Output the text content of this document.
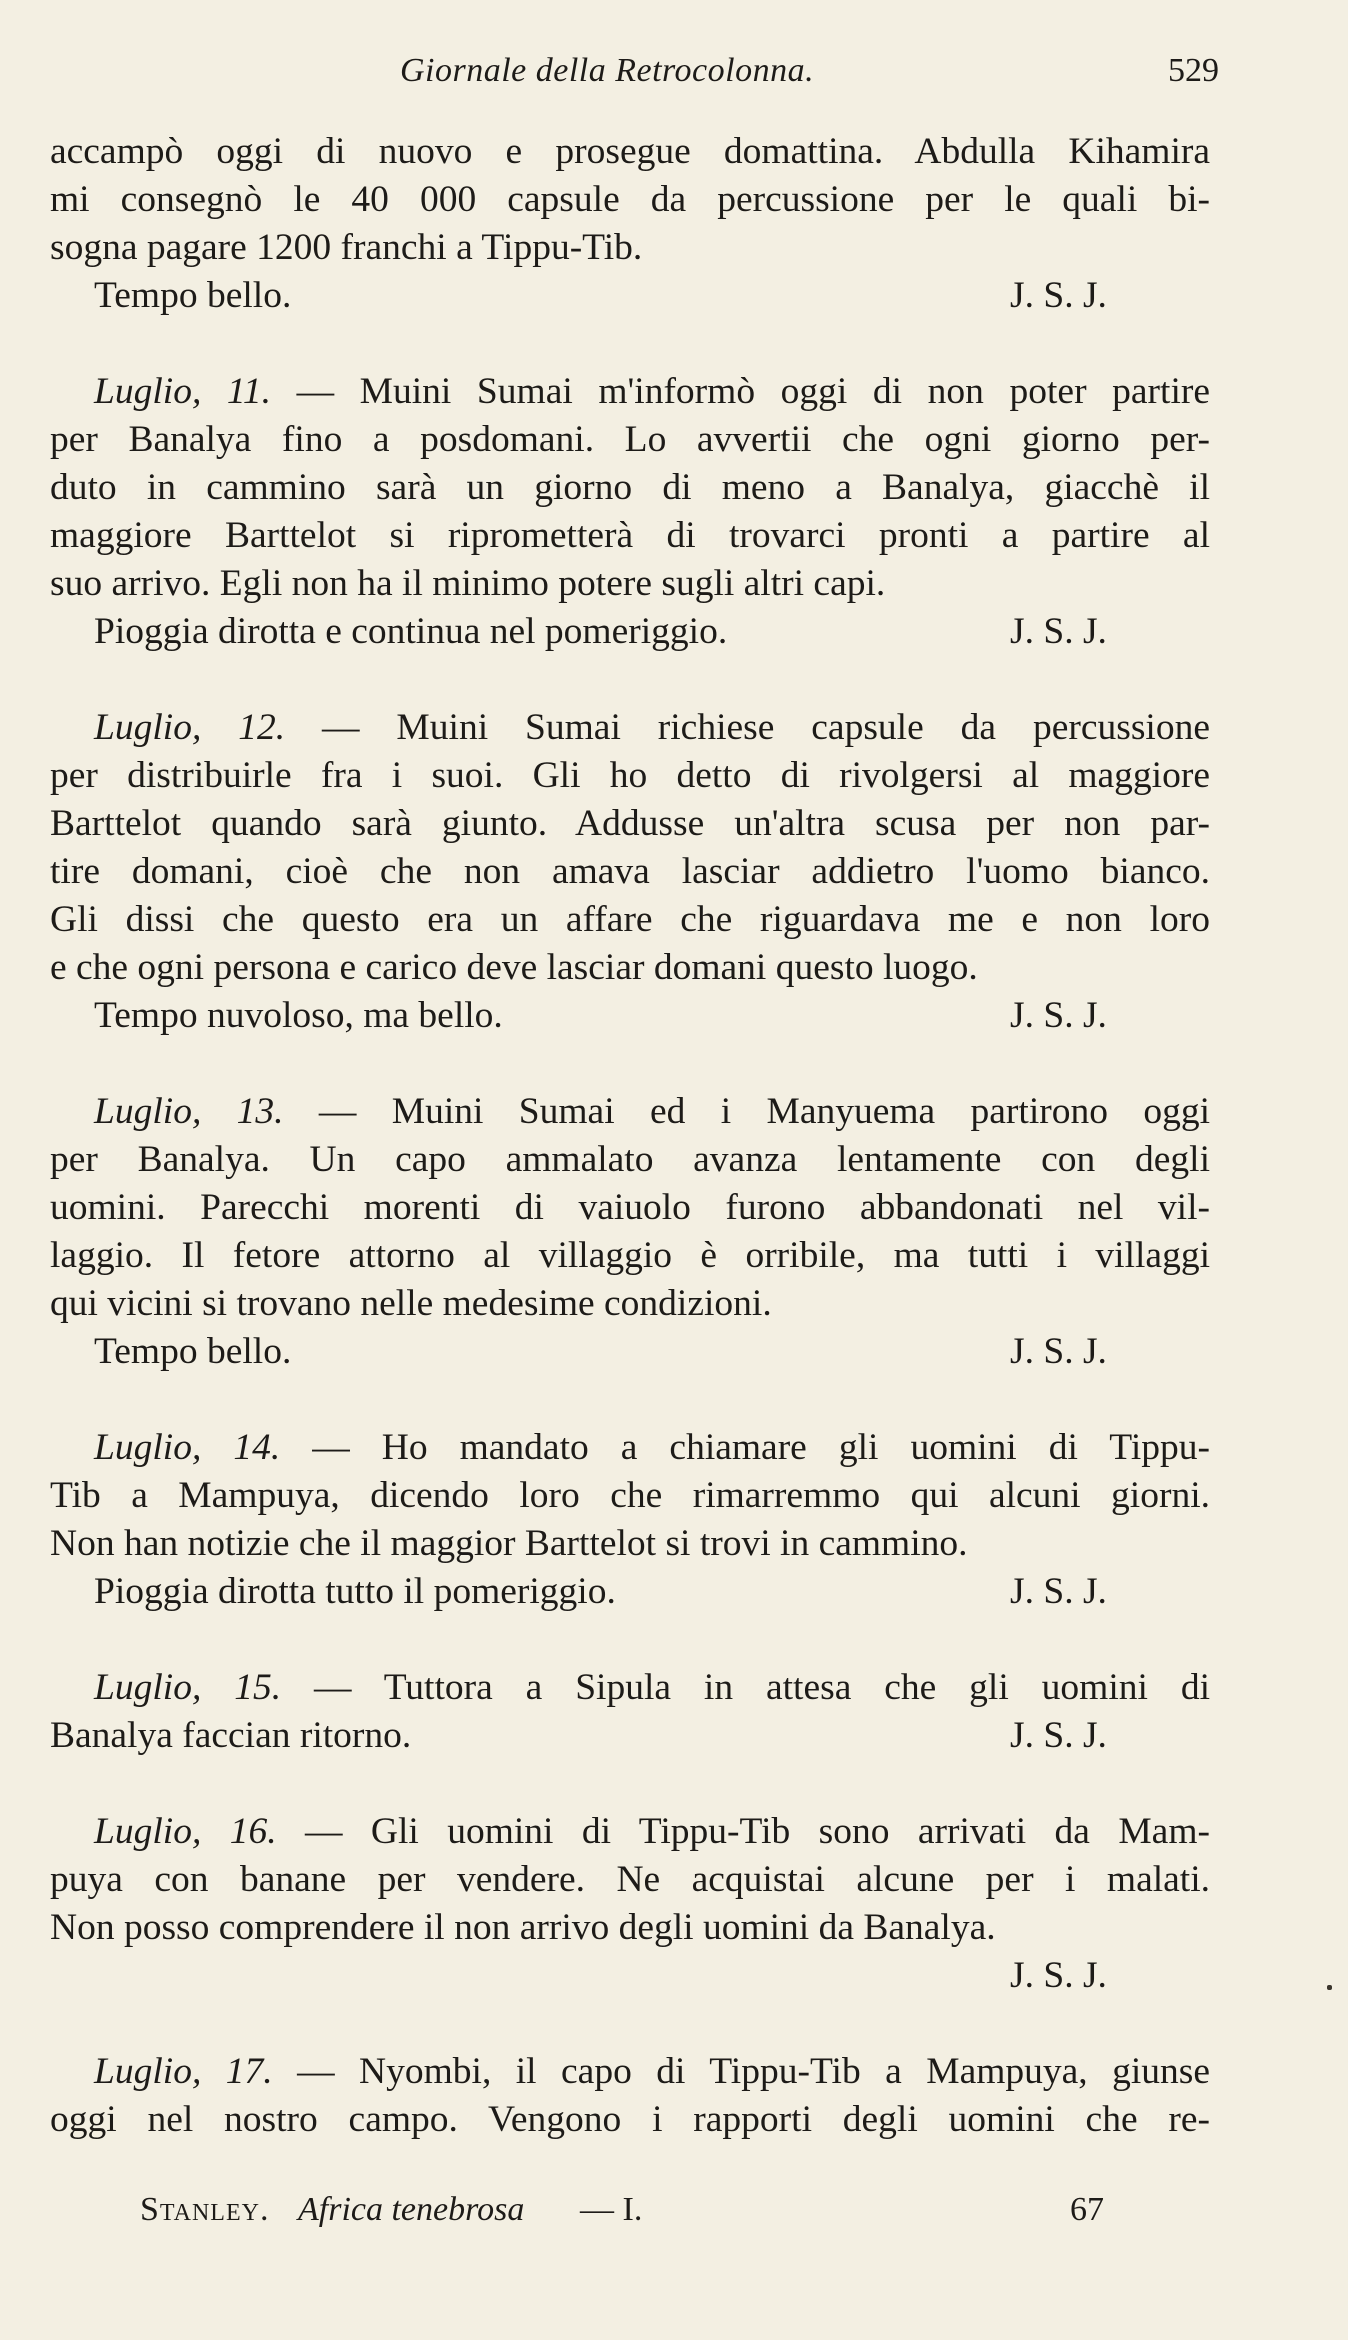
Giornale della Retrocolonna.	529
accampò oggi di nuovo e prosegue domattina. Abdulla Kihamira
mi consegnò le 40 000 capsule da percussione per le quali bi-
sogna pagare 1200 franchi a Tippu-Tib.
Tempo bello.	J. S. J.
Luglio, 11. — Muini Sumai m'informò oggi di non poter partire
per Banalya fino a posdomani. Lo avvertii che ogni giorno per-
duto in cammino sarà un giorno di meno a Banalya, giacchè il
maggiore Barttelot si riprometterà di trovarci pronti a partire al
suo arrivo. Egli non ha il minimo potere sugli altri capi.
Pioggia dirotta e continua nel pomeriggio.	J. S. J.
Luglio, 12. — Muini Sumai richiese capsule da percussione
per distribuirle fra i suoi. Gli ho detto di rivolgersi al maggiore
Barttelot quando sarà giunto. Addusse un'altra scusa per non par-
tire domani, cioè che non amava lasciar addietro l'uomo bianco.
Gli dissi che questo era un affare che riguardava me e non loro
e che ogni persona e carico deve lasciar domani questo luogo.
Tempo nuvoloso, ma bello.	J. S. J.
Luglio, 13. — Muini Sumai ed i Manyuema partirono oggi
per Banalya. Un capo ammalato avanza lentamente con degli
uomini. Parecchi morenti di vaiuolo furono abbandonati nel vil-
laggio. Il fetore attorno al villaggio è orribile, ma tutti i villaggi
qui vicini si trovano nelle medesime condizioni.
Tempo bello.	J. S. J.
Luglio, 14. — Ho mandato a chiamare gli uomini di Tippu-
Tib a Mampuya, dicendo loro che rimarremmo qui alcuni giorni.
Non han notizie che il maggior Barttelot si trovi in cammino.
Pioggia dirotta tutto il pomeriggio.	J. S. J.
Luglio, 15. — Tuttora a Sipula in attesa che gli uomini di
Banalya faccian ritorno.	J. S. J.
Luglio, 16. — Gli uomini di Tippu-Tib sono arrivati da Mam-
puya con banane per vendere. Ne acquistai alcune per i malati.
Non posso comprendere il non arrivo degli uomini da Banalya.
J. S. J.
Luglio, 17. — Nyombi, il capo di Tippu-Tib a Mampuya, giunse
oggi nel nostro campo. Vengono i rapporti degli uomini che re-
Stanley. Africa tenebrosa — I.	67
